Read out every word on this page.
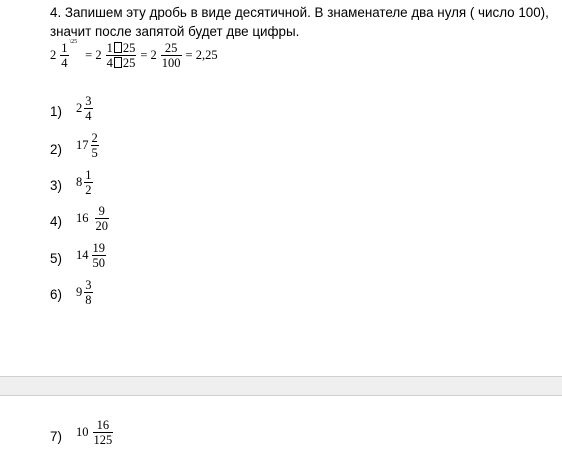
4. Запишем эту дробь в виде десятичной. В знаменателе два нуля ( число 100),
значит после запятой будет две цифры.
$2 \frac{1}{4}$ \25
= $2 \frac{1 25}{4 25} = 2 \frac{25}{100} = 2,25$
1) $2 \frac{3}{4}$
2) $17 \frac{2}{5}$
3) $8 \frac{1}{2}$
4) $16 \frac{9}{20}$
5) $14 \frac{19}{50}$
6) $9 \frac{3}{8}$
7) $10 \frac{16}{125}$
